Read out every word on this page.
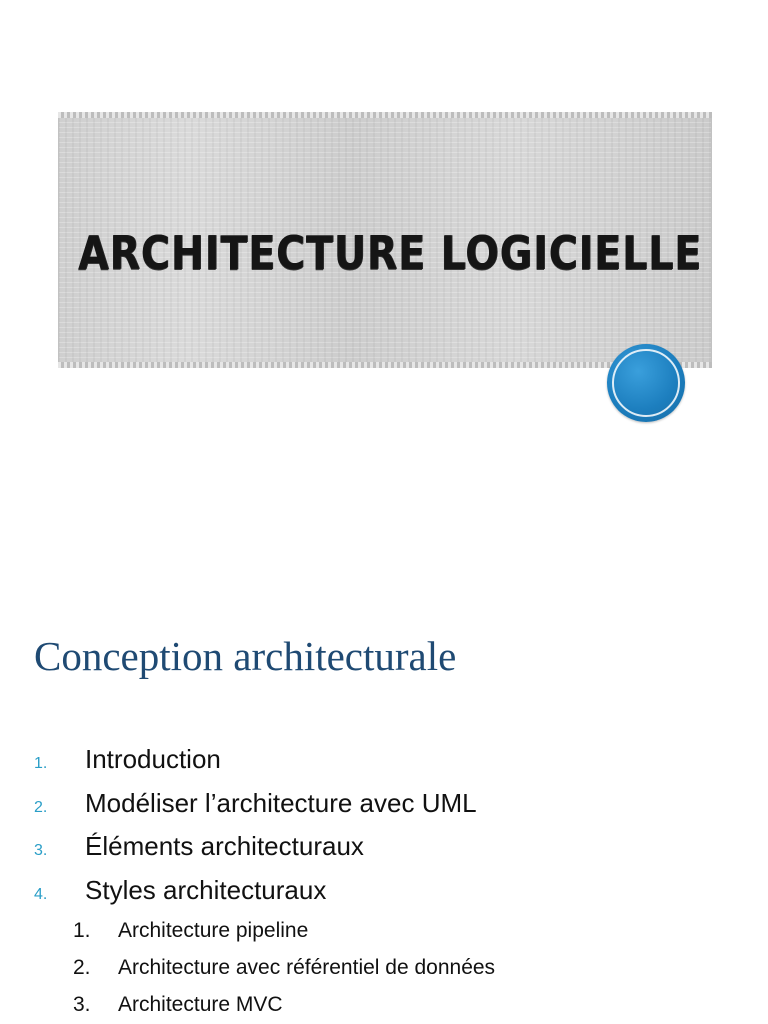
ARCHITECTURE LOGICIELLE
Conception architecturale
1. Introduction
2. Modéliser l’architecture avec UML
3. Éléments architecturaux
4. Styles architecturaux
1. Architecture pipeline
2. Architecture avec référentiel de données
3. Architecture MVC
